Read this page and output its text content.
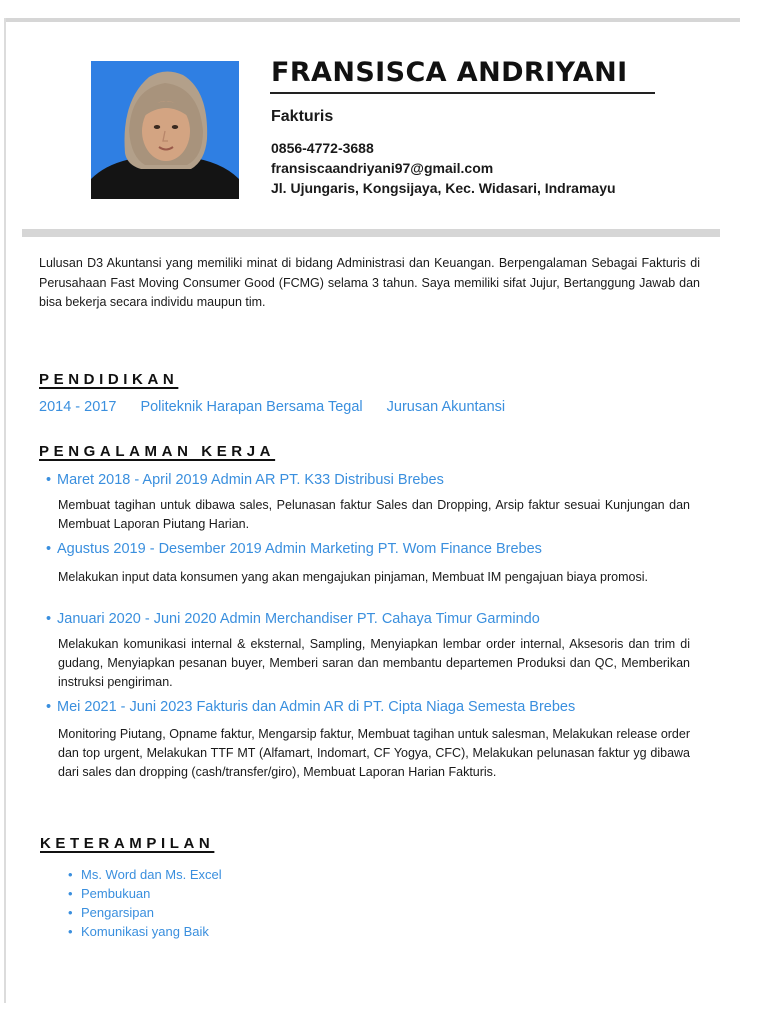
FRANSISCA ANDRIYANI
Fakturis
0856-4772-3688
fransiscaandriyani97@gmail.com
Jl. Ujungaris, Kongsijaya, Kec. Widasari, Indramayu

Lulusan D3 Akuntansi yang memiliki minat di bidang Administrasi dan Keuangan. Berpengalaman Sebagai Fakturis di Perusahaan Fast Moving Consumer Good (FCMG) selama 3 tahun. Saya memiliki sifat Jujur, Bertanggung Jawab dan bisa bekerja secara individu maupun tim.

PENDIDIKAN
2014 - 2017 Politeknik Harapan Bersama Tegal Jurusan Akuntansi
PENGALAMAN KERJA
• Maret 2018 - April 2019 Admin AR PT. K33 Distribusi Brebes

Membuat tagihan untuk dibawa sales, Pelunasan faktur Sales dan Dropping, Arsip faktur sesuai Kunjungan dan Membuat Laporan Piutang Harian.

• Agustus 2019 - Desember 2019 Admin Marketing PT. Wom Finance Brebes

Melakukan input data konsumen yang akan mengajukan pinjaman, Membuat IM pengajuan biaya promosi.

• Januari 2020 - Juni 2020 Admin Merchandiser PT. Cahaya Timur Garmindo

Melakukan komunikasi internal & eksternal, Sampling, Menyiapkan lembar order internal, Aksesoris dan trim di gudang, Menyiapkan pesanan buyer, Memberi saran dan membantu departemen Produksi dan QC, Memberikan instruksi pengiriman.

• Mei 2021 - Juni 2023 Fakturis dan Admin AR di PT. Cipta Niaga Semesta Brebes

Monitoring Piutang, Opname faktur, Mengarsip faktur, Membuat tagihan untuk salesman, Melakukan release order dan top urgent, Melakukan TTF MT (Alfamart, Indomart, CF Yogya, CFC), Melakukan pelunasan faktur yg dibawa dari sales dan dropping (cash/transfer/giro), Membuat Laporan Harian Fakturis.

KETERAMPILAN
• Ms. Word dan Ms. Excel
• Pembukuan
• Pengarsipan
• Komunikasi yang Baik
